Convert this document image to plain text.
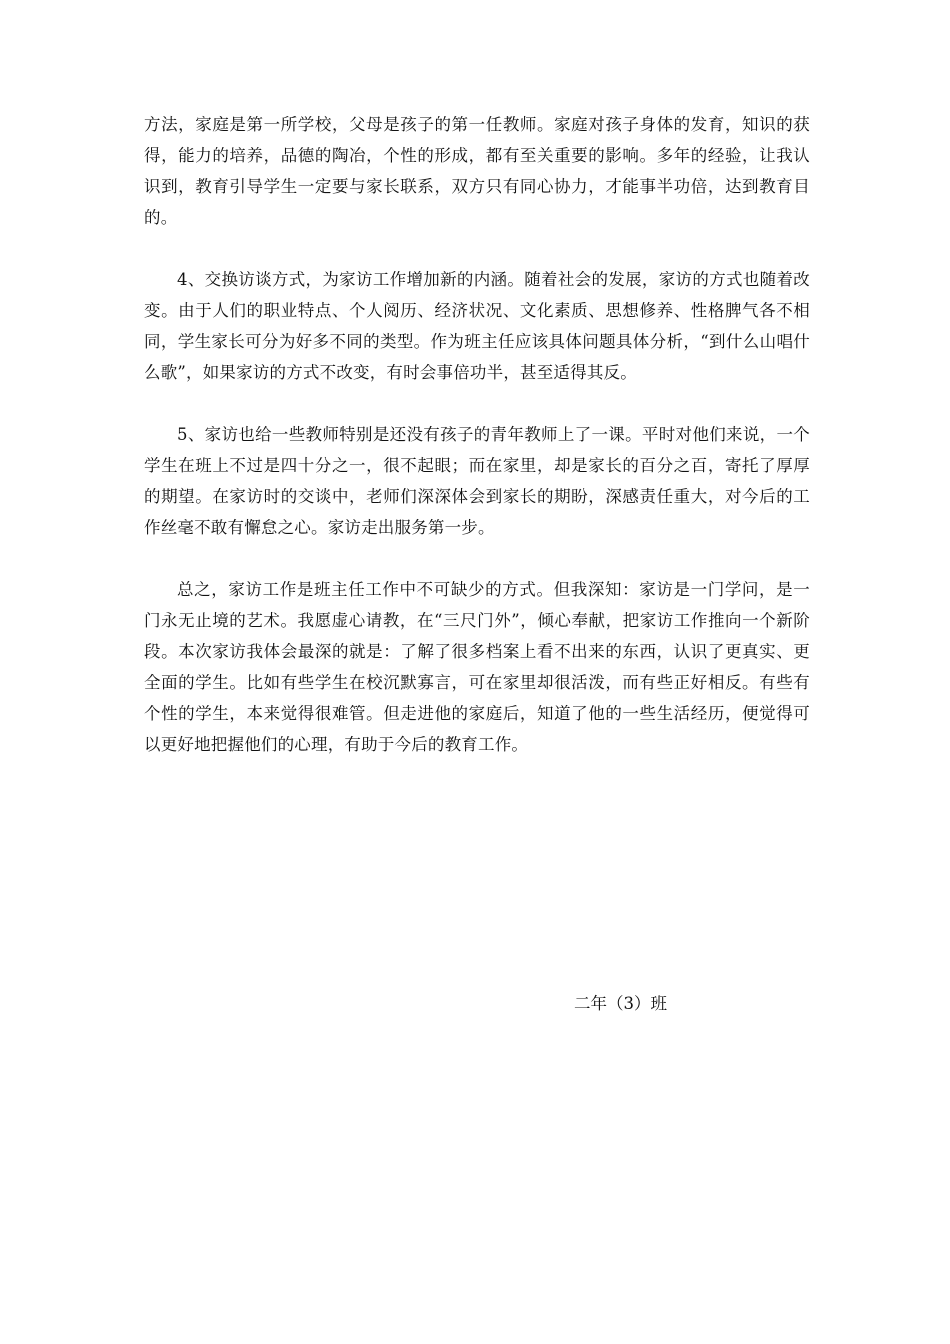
方法，家庭是第一所学校，父母是孩子的第一任教师。家庭对孩子身体的发育，知识的获得，能力的培养，品德的陶冶，个性的形成，都有至关重要的影响。多年的经验，让我认识到，教育引导学生一定要与家长联系，双方只有同心协力，才能事半功倍，达到教育目的。

4、交换访谈方式，为家访工作增加新的内涵。随着社会的发展，家访的方式也随着改变。由于人们的职业特点、个人阅历、经济状况、文化素质、思想修养、性格脾气各不相同，学生家长可分为好多不同的类型。作为班主任应该具体问题具体分析，“到什么山唱什么歌”，如果家访的方式不改变，有时会事倍功半，甚至适得其反。

5、家访也给一些教师特别是还没有孩子的青年教师上了一课。平时对他们来说，一个学生在班上不过是四十分之一，很不起眼；而在家里，却是家长的百分之百，寄托了厚厚的期望。在家访时的交谈中，老师们深深体会到家长的期盼，深感责任重大，对今后的工作丝毫不敢有懈怠之心。家访走出服务第一步。

总之，家访工作是班主任工作中不可缺少的方式。但我深知：家访是一门学问，是一门永无止境的艺术。我愿虚心请教，在“三尺门外”，倾心奉献，把家访工作推向一个新阶段。本次家访我体会最深的就是：了解了很多档案上看不出来的东西，认识了更真实、更全面的学生。比如有些学生在校沉默寡言，可在家里却很活泼，而有些正好相反。有些有个性的学生，本来觉得很难管。但走进他的家庭后，知道了他的一些生活经历，便觉得可以更好地把握他们的心理，有助于今后的教育工作。

二年（3）班
